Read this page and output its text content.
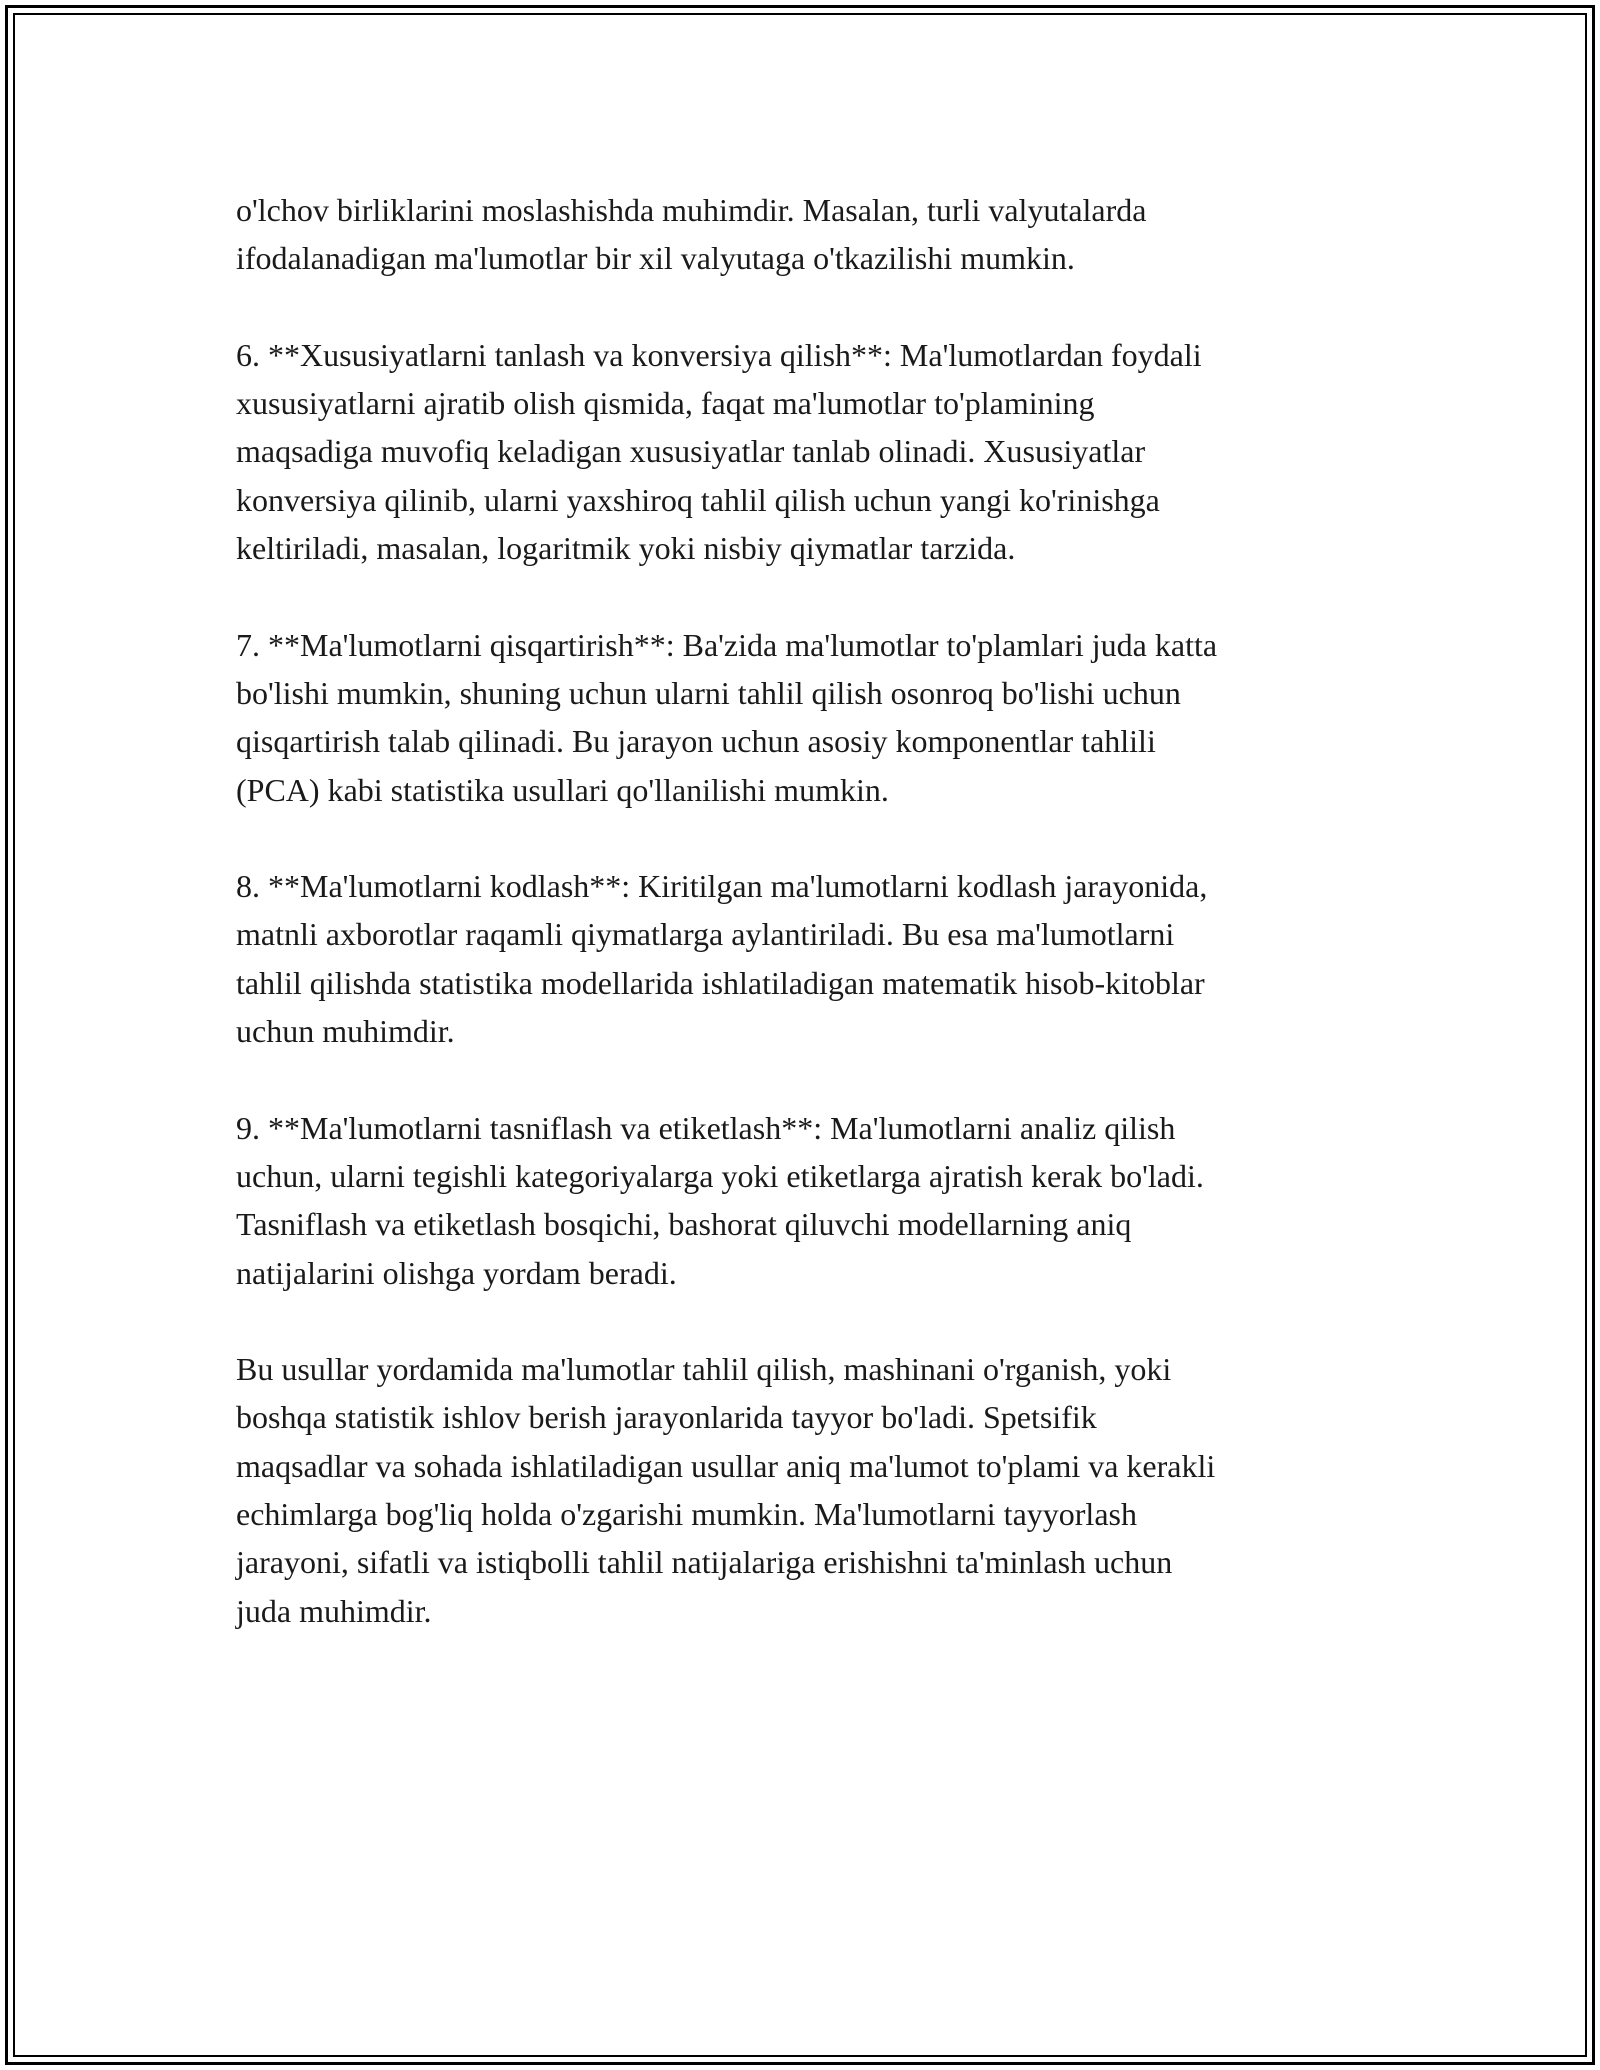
o'lchov birliklarini moslashishda muhimdir. Masalan, turli valyutalarda
ifodalanadigan ma'lumotlar bir xil valyutaga o'tkazilishi mumkin.
6. **Xususiyatlarni tanlash va konversiya qilish**: Ma'lumotlardan foydali
xususiyatlarni ajratib olish qismida, faqat ma'lumotlar to'plamining
maqsadiga muvofiq keladigan xususiyatlar tanlab olinadi. Xususiyatlar
konversiya qilinib, ularni yaxshiroq tahlil qilish uchun yangi ko'rinishga
keltiriladi, masalan, logaritmik yoki nisbiy qiymatlar tarzida.
7. **Ma'lumotlarni qisqartirish**: Ba'zida ma'lumotlar to'plamlari juda katta
bo'lishi mumkin, shuning uchun ularni tahlil qilish osonroq bo'lishi uchun
qisqartirish talab qilinadi. Bu jarayon uchun asosiy komponentlar tahlili
(PCA) kabi statistika usullari qo'llanilishi mumkin.
8. **Ma'lumotlarni kodlash**: Kiritilgan ma'lumotlarni kodlash jarayonida,
matnli axborotlar raqamli qiymatlarga aylantiriladi. Bu esa ma'lumotlarni
tahlil qilishda statistika modellarida ishlatiladigan matematik hisob-kitoblar
uchun muhimdir.
9. **Ma'lumotlarni tasniflash va etiketlash**: Ma'lumotlarni analiz qilish
uchun, ularni tegishli kategoriyalarga yoki etiketlarga ajratish kerak bo'ladi.
Tasniflash va etiketlash bosqichi, bashorat qiluvchi modellarning aniq
natijalarini olishga yordam beradi.
Bu usullar yordamida ma'lumotlar tahlil qilish, mashinani o'rganish, yoki
boshqa statistik ishlov berish jarayonlarida tayyor bo'ladi. Spetsifik
maqsadlar va sohada ishlatiladigan usullar aniq ma'lumot to'plami va kerakli
echimlarga bog'liq holda o'zgarishi mumkin. Ma'lumotlarni tayyorlash
jarayoni, sifatli va istiqbolli tahlil natijalariga erishishni ta'minlash uchun
juda muhimdir.
